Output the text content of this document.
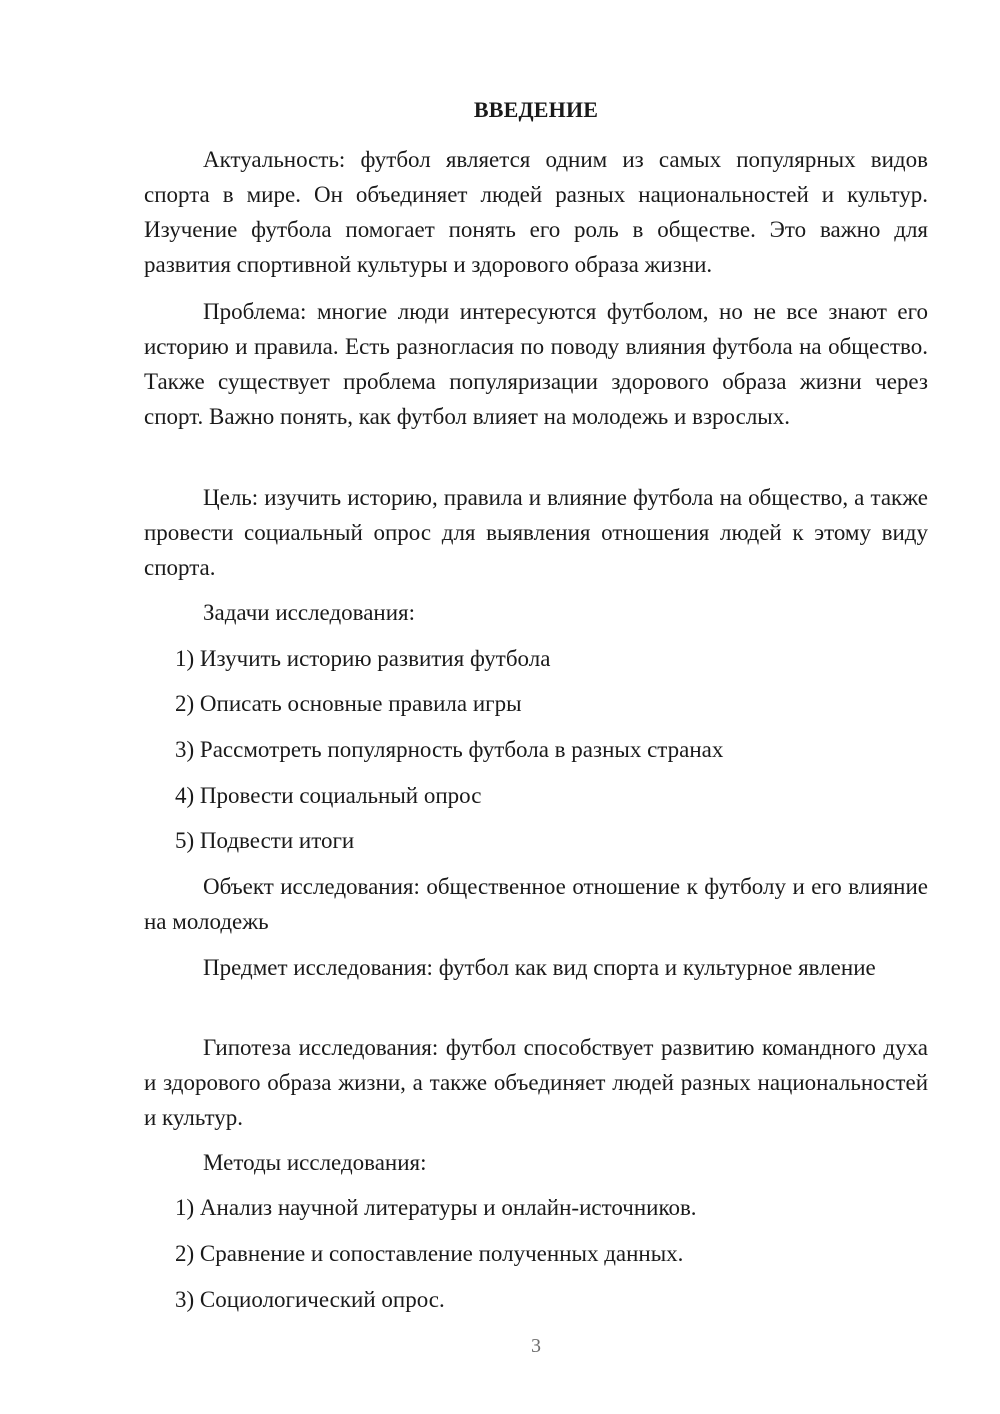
ВВЕДЕНИЕ

Актуальность: футбол является одним из самых популярных видов спорта в мире. Он объединяет людей разных национальностей и культур. Изучение футбола помогает понять его роль в обществе. Это важно для развития спортивной культуры и здорового образа жизни.

Проблема: многие люди интересуются футболом, но не все знают его историю и правила. Есть разногласия по поводу влияния футбола на общество. Также существует проблема популяризации здорового образа жизни через спорт. Важно понять, как футбол влияет на молодежь и взрослых.

Цель: изучить историю, правила и влияние футбола на общество, а также провести социальный опрос для выявления отношения людей к этому виду спорта.

Задачи исследования:

1) Изучить историю развития футбола

2) Описать основные правила игры

3) Рассмотреть популярность футбола в разных странах

4) Провести социальный опрос

5) Подвести итоги

Объект исследования: общественное отношение к футболу и его влияние на молодежь

Предмет исследования: футбол как вид спорта и культурное явление

Гипотеза исследования: футбол способствует развитию командного духа и здорового образа жизни, а также объединяет людей разных национальностей и культур.

Методы исследования:

1) Анализ научной литературы и онлайн-источников.

2) Сравнение и сопоставление полученных данных.

3) Социологический опрос.

3
